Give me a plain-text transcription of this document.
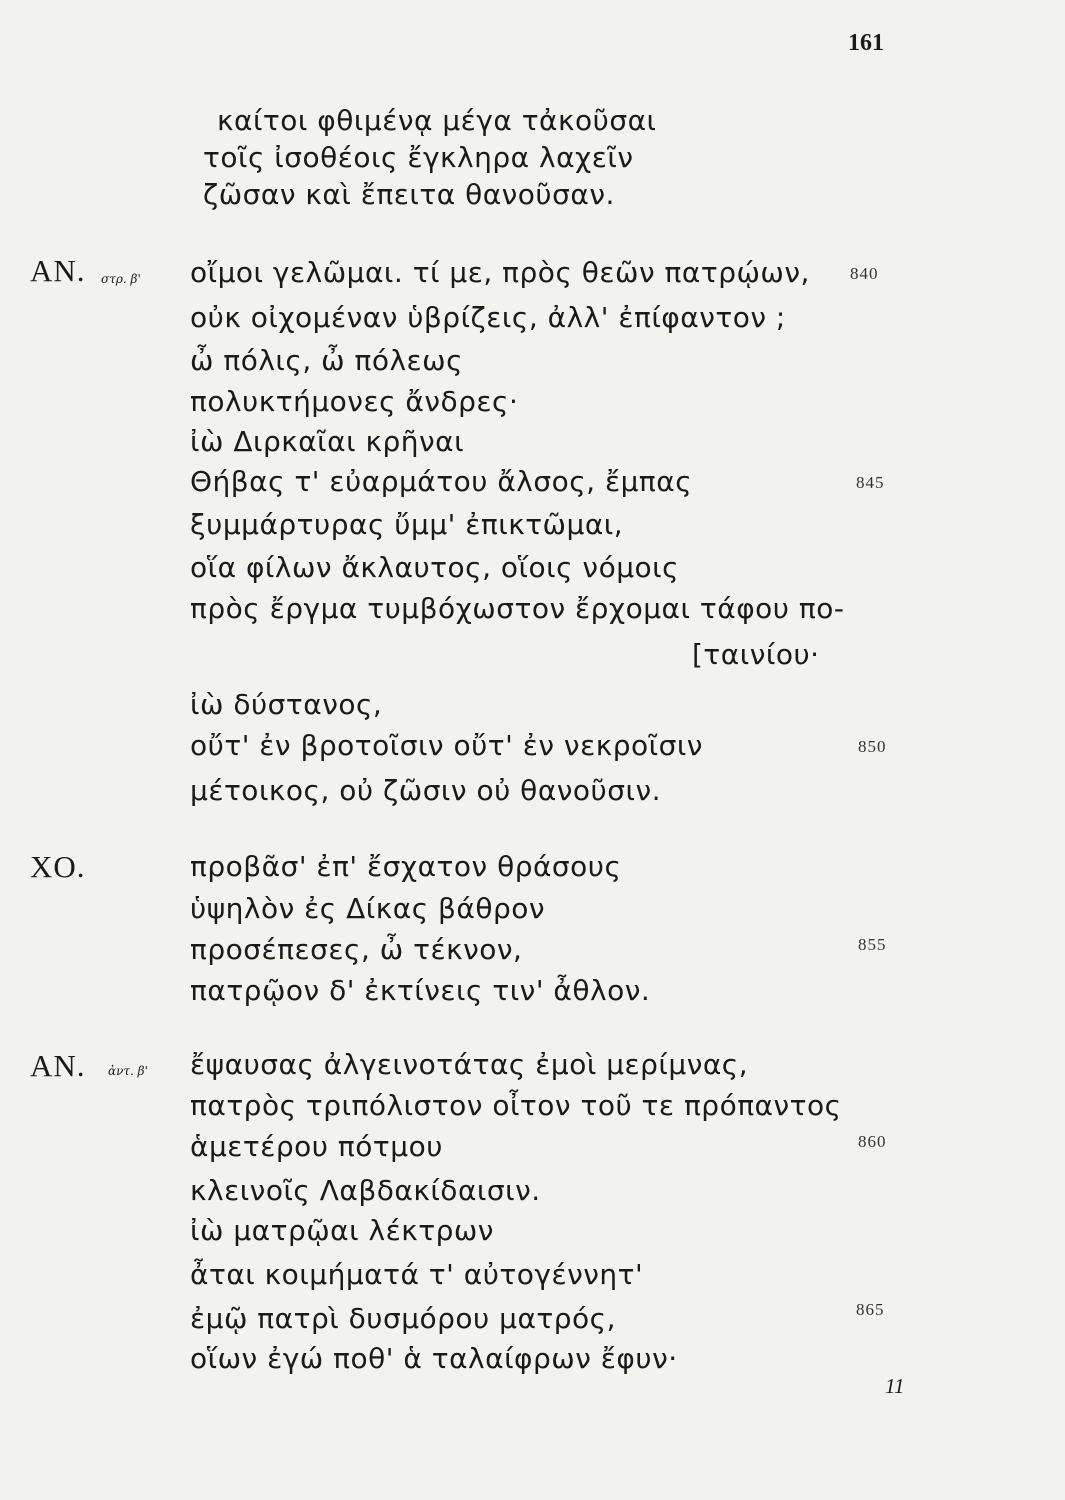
161
καίτοι φθιμένᾳ μέγα τἀκοῦσαι
τοῖς ἰσοθέοις ἔγκληρα λαχεῖν
ζῶσαν καὶ ἔπειτα θανοῦσαν.
ΑΝ. στρ. β' οἴμοι γελῶμαι. τί με, πρὸς θεῶν πατρῴων, 840
οὐκ οἰχομέναν ὑβρίζεις, ἀλλ' ἐπίφαντον ;
ὦ πόλις, ὦ πόλεως
πολυκτήμονες ἄνδρες·
ἰὼ Διρκαῖαι κρῆναι
Θήβας τ' εὐαρμάτου ἄλσος, ἔμπας	845
ξυμμάρτυρας ὔμμ' ἐπικτῶμαι,
οἵα φίλων ἄκλαυτος, οἵοις νόμοις
πρὸς ἔργμα τυμβόχωστον ἔρχομαι τάφου πο-
[ταινίου·
ἰὼ δύστανος,
οὔτ' ἐν βροτοῖσιν οὔτ' ἐν νεκροῖσιν	850
μέτοικος, οὐ ζῶσιν οὐ θανοῦσιν.
ΧΟ.	προβᾶσ' ἐπ' ἔσχατον θράσους
ὑψηλὸν ἐς Δίκας βάθρον
προσέπεσες, ὦ τέκνον,	855
πατρῷον δ' ἐκτίνεις τιν' ἆθλον.
ΑΝ. ἀντ. β' ἔψαυσας ἀλγεινοτάτας ἐμοὶ μερίμνας,
πατρὸς τριπόλιστον οἶτον τοῦ τε πρόπαντος
ἁμετέρου πότμου	860
κλεινοῖς Λαβδακίδαισιν.
ἰὼ ματρῷαι λέκτρων
ἆται κοιμήματά τ' αὐτογέννητ'
ἐμῷ πατρὶ δυσμόρου ματρός,	865
οἵων ἐγώ ποθ' ἁ ταλαίφρων ἔφυν·
11
